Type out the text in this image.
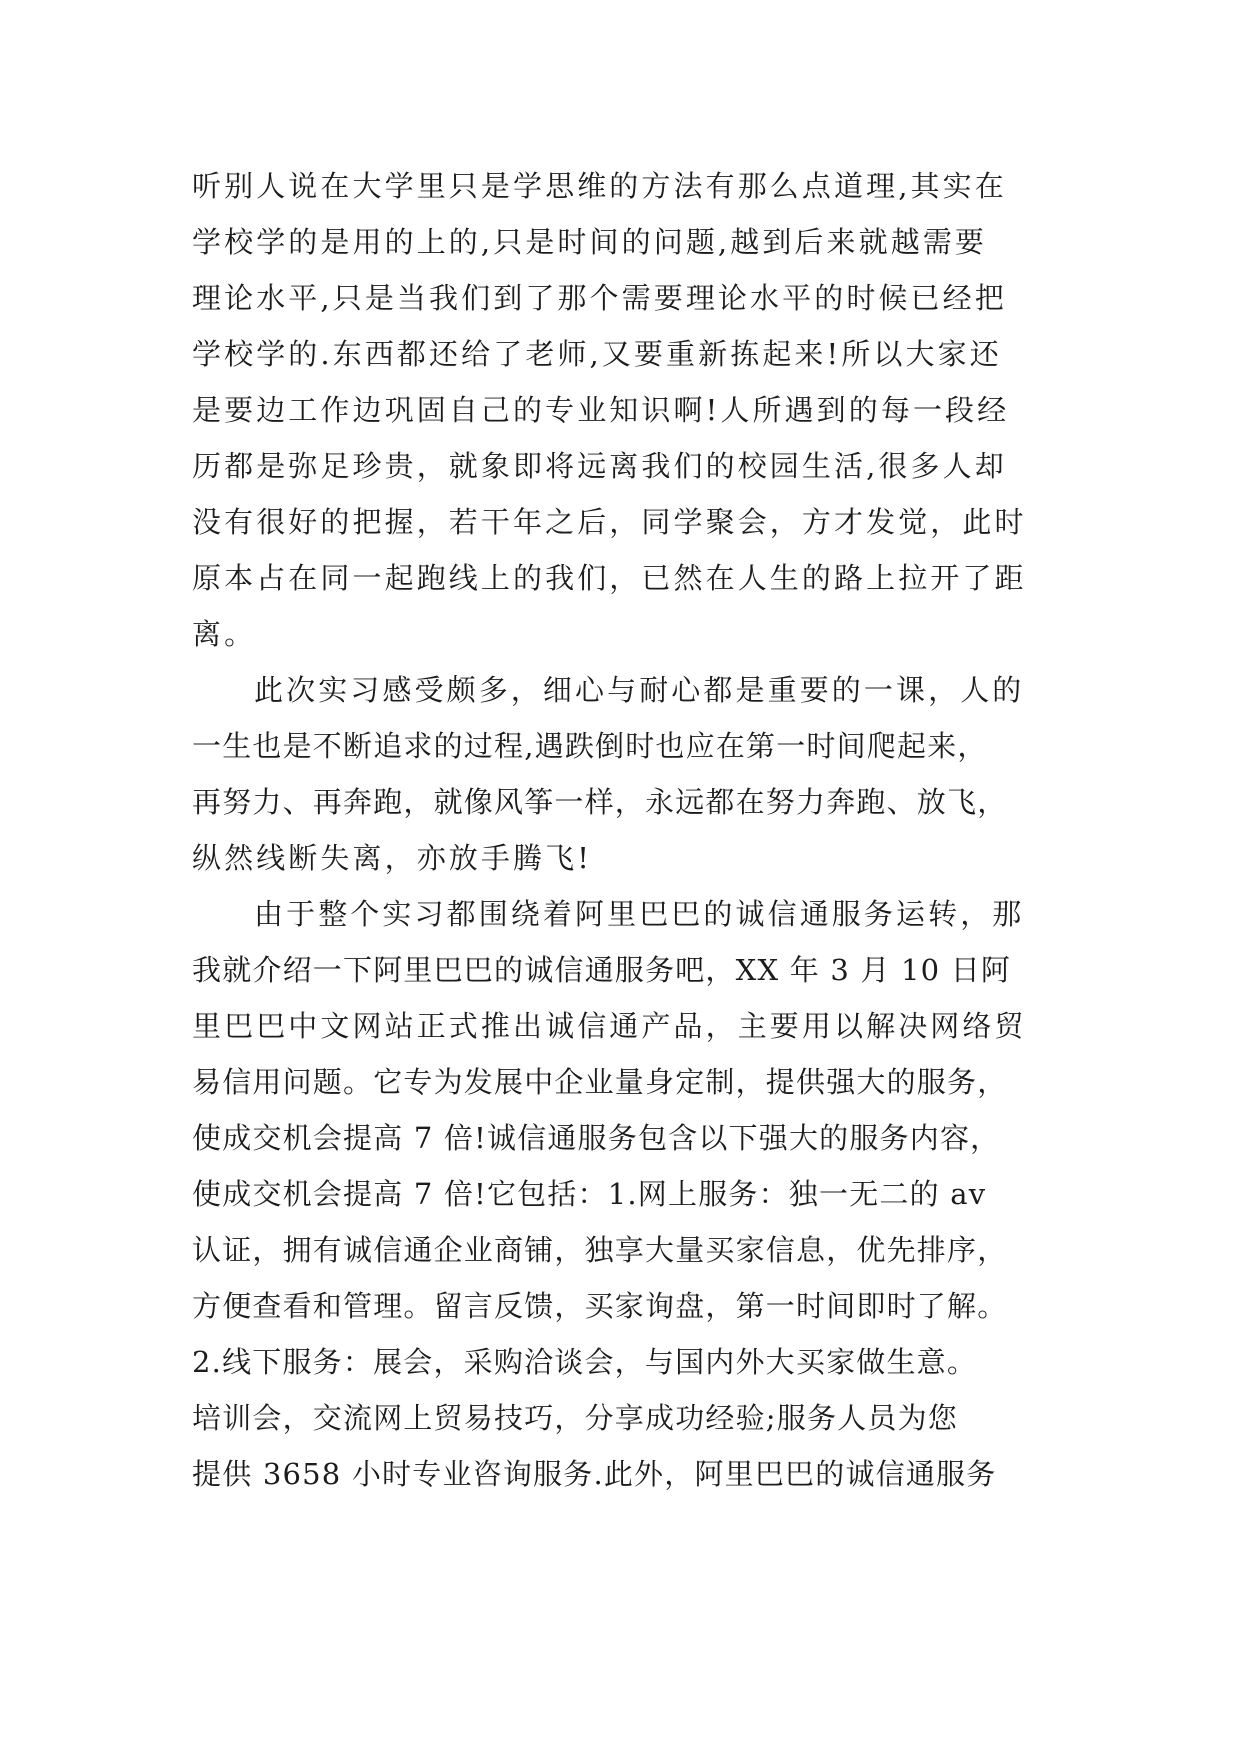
听别人说在大学里只是学思维的方法有那么点道理,其实在
学校学的是用的上的,只是时间的问题,越到后来就越需要
理论水平,只是当我们到了那个需要理论水平的时候已经把
学校学的.东西都还给了老师,又要重新拣起来!所以大家还
是要边工作边巩固自己的专业知识啊!人所遇到的每一段经
历都是弥足珍贵，就象即将远离我们的校园生活,很多人却
没有很好的把握，若干年之后，同学聚会，方才发觉，此时
原本占在同一起跑线上的我们，已然在人生的路上拉开了距
离。
此次实习感受颇多，细心与耐心都是重要的一课，人的
一生也是不断追求的过程,遇跌倒时也应在第一时间爬起来，
再努力、再奔跑，就像风筝一样，永远都在努力奔跑、放飞，
纵然线断失离，亦放手腾飞!
由于整个实习都围绕着阿里巴巴的诚信通服务运转，那
我就介绍一下阿里巴巴的诚信通服务吧，XX 年 3 月 10 日阿
里巴巴中文网站正式推出诚信通产品，主要用以解决网络贸
易信用问题。它专为发展中企业量身定制，提供强大的服务，
使成交机会提高 7 倍!诚信通服务包含以下强大的服务内容，
使成交机会提高 7 倍!它包括：1.网上服务：独一无二的 av
认证，拥有诚信通企业商铺，独享大量买家信息，优先排序，
方便查看和管理。留言反馈，买家询盘，第一时间即时了解。
2.线下服务：展会，采购洽谈会，与国内外大买家做生意。
培训会，交流网上贸易技巧，分享成功经验;服务人员为您
提供 3658 小时专业咨询服务.此外，阿里巴巴的诚信通服务
